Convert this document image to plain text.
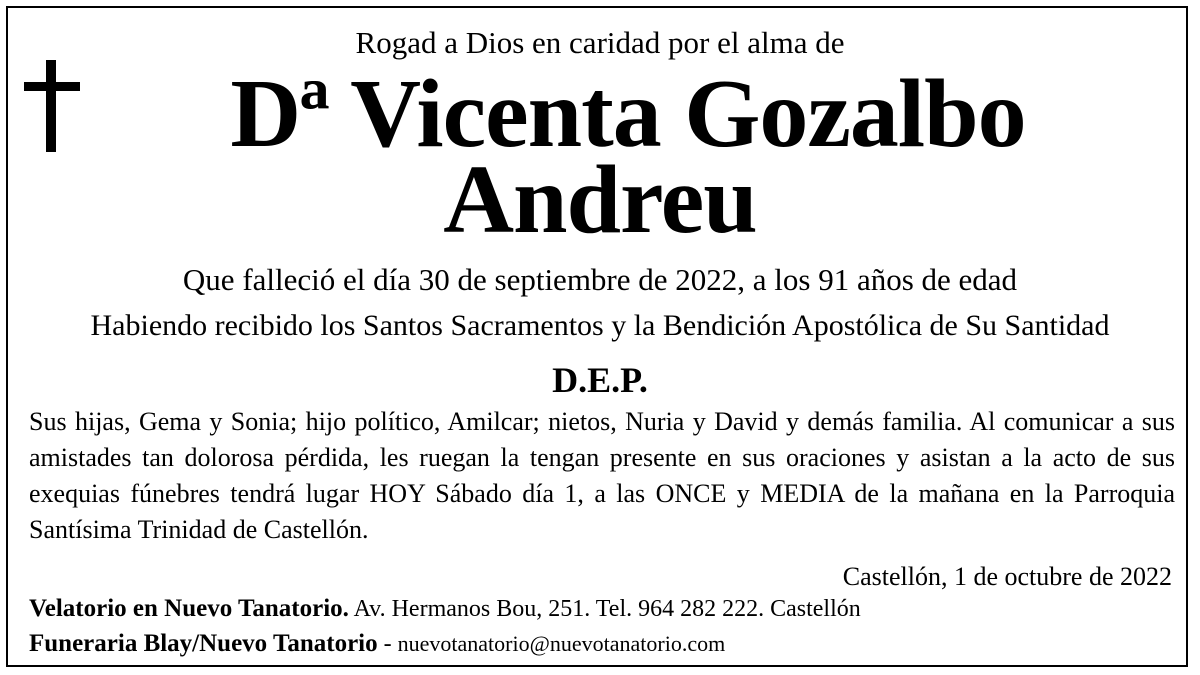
Rogad a Dios en caridad por el alma de
Dª Vicenta Gozalbo
Andreu
Que falleció el día 30 de septiembre de 2022, a los 91 años de edad
Habiendo recibido los Santos Sacramentos y la Bendición Apostólica de Su Santidad
D.E.P.
Sus hijas, Gema y Sonia; hijo político, Amilcar; nietos, Nuria y David y demás familia. Al comunicar a sus amistades tan dolorosa pérdida, les ruegan la tengan presente en sus oraciones y asistan a la acto de sus exequias fúnebres tendrá lugar HOY Sábado día 1, a las ONCE y MEDIA de la mañana en la Parroquia Santísima Trinidad de Castellón.
Castellón, 1 de octubre de 2022
Velatorio en Nuevo Tanatorio. Av. Hermanos Bou, 251. Tel. 964 282 222. Castellón
Funeraria Blay/Nuevo Tanatorio - nuevotanatorio@nuevotanatorio.com
